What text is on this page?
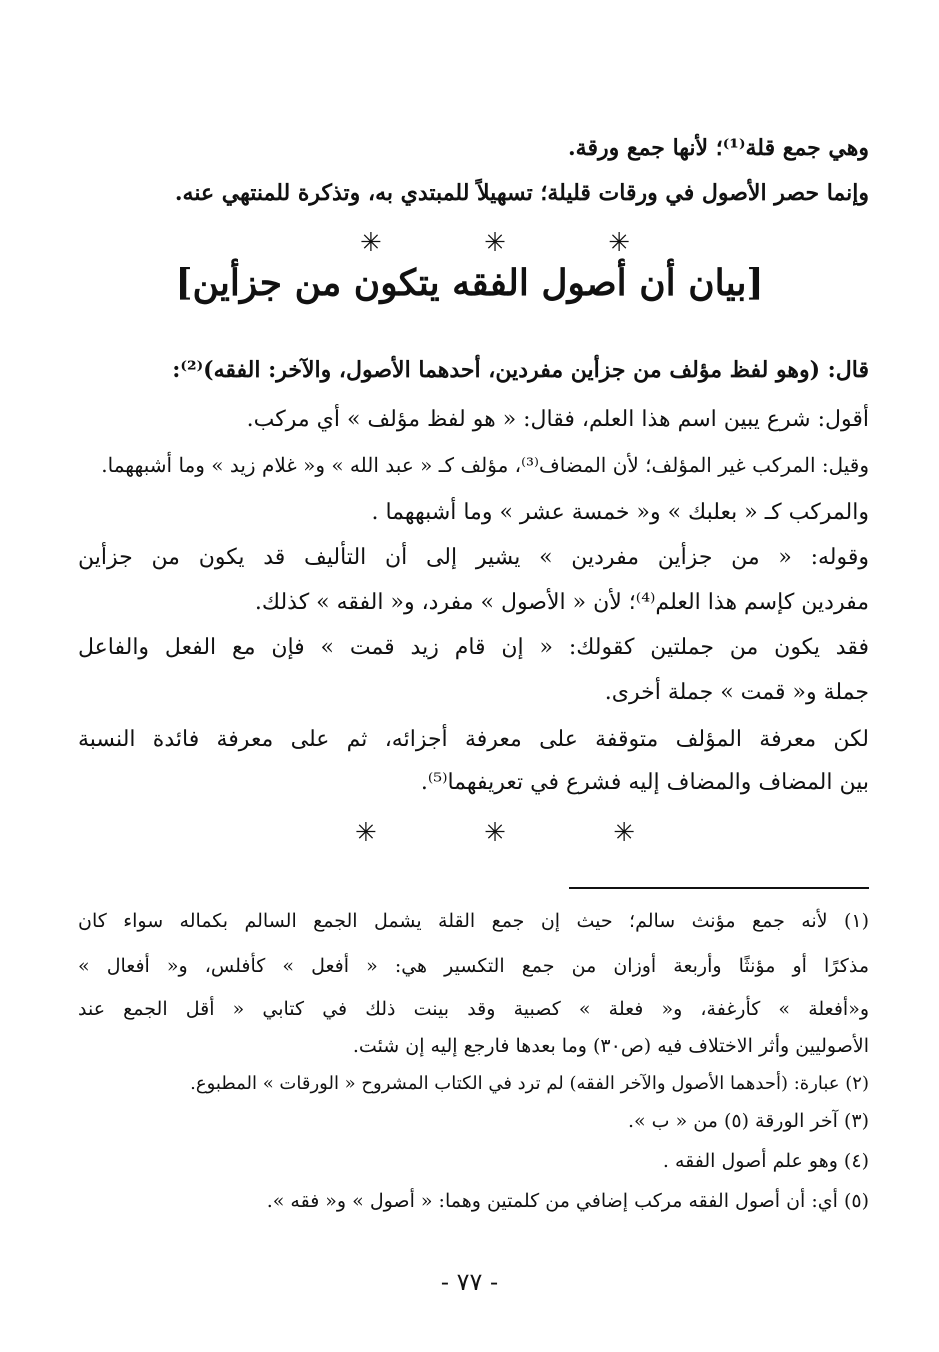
وهي جمع قلة⁽¹⁾؛ لأنها جمع ورقة.
وإنما حصر الأصول في ورقات قليلة؛ تسهيلاً للمبتدي به، وتذكرة للمنتهي عنه.
✳	✳	✳
[بيان أن أصول الفقه يتكون من جزأين]
قال: (وهو لفظ مؤلف من جزأين مفردين، أحدهما الأصول، والآخر: الفقه)⁽²⁾:
أقول: شرع يبين اسم هذا العلم، فقال: « هو لفظ مؤلف » أي مركب.
وقيل: المركب غير المؤلف؛ لأن المضاف⁽³⁾، مؤلف كـ « عبد الله » و« غلام زيد » وما أشبههما.
والمركب كـ « بعلبك » و« خمسة عشر » وما أشبههما .
وقوله: « من جزأين مفردين » يشير إلى أن التأليف قد يكون من جزأين
مفردين كإسم هذا العلم⁽⁴⁾؛ لأن « الأصول » مفرد، و« الفقه » كذلك.
فقد يكون من جملتين كقولك: « إن قام زيد قمت » فإن مع الفعل والفاعل
جملة و« قمت » جملة أخرى.
لكن معرفة المؤلف متوقفة على معرفة أجزائه، ثم على معرفة فائدة النسبة
بين المضاف والمضاف إليه فشرع في تعريفهما⁽⁵⁾.
✳	✳	✳
(١) لأنه جمع مؤنث سالم؛ حيث إن جمع القلة يشمل الجمع السالم بكماله سواء كان
مذكرًا أو مؤنثًا وأربعة أوزان من جمع التكسير هي: « أفعل » كأفلس، و« أفعال »
و«أفعلة » كأرغفة، و« فعلة » كصبية وقد بينت ذلك في كتابي « أقل الجمع عند
الأصوليين وأثر الاختلاف فيه (ص٣٠) وما بعدها فارجع إليه إن شئت.
(٢) عبارة: (أحدهما الأصول والآخر الفقه) لم ترد في الكتاب المشروح « الورقات » المطبوع.
(٣) آخر الورقة (٥) من « ب ».
(٤) وهو علم أصول الفقه .
(٥) أي: أن أصول الفقه مركب إضافي من كلمتين وهما: « أصول » و« فقه ».
- ٧٧ -
